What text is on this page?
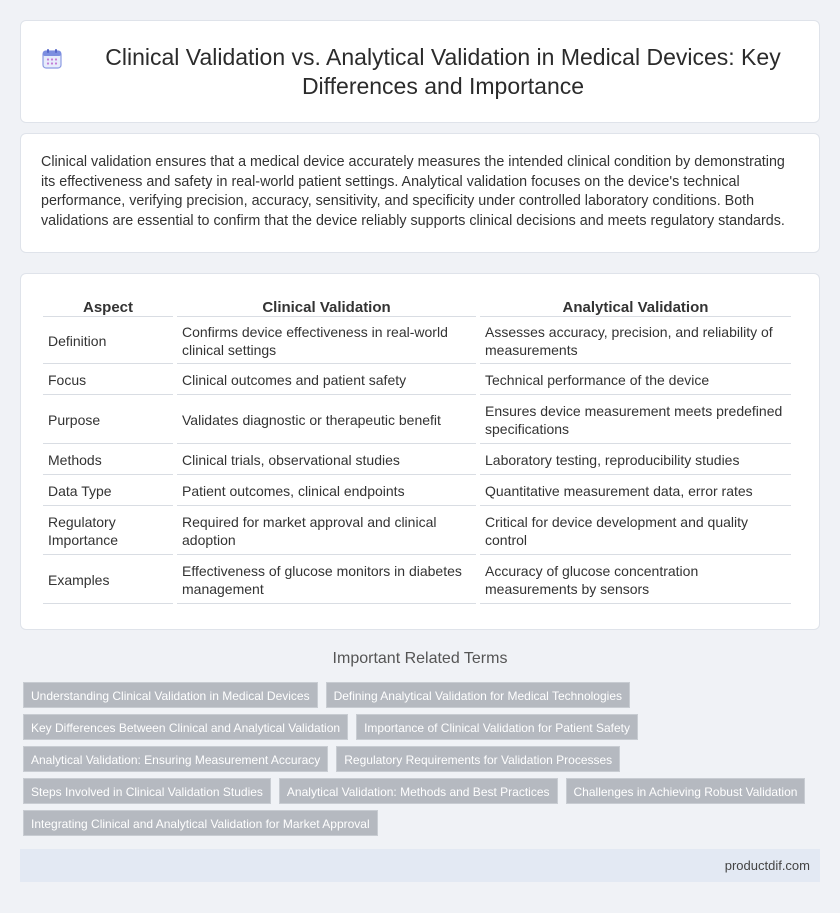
Clinical Validation vs. Analytical Validation in Medical Devices: Key Differences and Importance

Clinical validation ensures that a medical device accurately measures the intended clinical condition by demonstrating its effectiveness and safety in real-world patient settings. Analytical validation focuses on the device's technical performance, verifying precision, accuracy, sensitivity, and specificity under controlled laboratory conditions. Both validations are essential to confirm that the device reliably supports clinical decisions and meets regulatory standards.

Aspect	Clinical Validation	Analytical Validation
Definition	Confirms device effectiveness in real-world clinical settings	Assesses accuracy, precision, and reliability of measurements
Focus	Clinical outcomes and patient safety	Technical performance of the device
Purpose	Validates diagnostic or therapeutic benefit	Ensures device measurement meets predefined specifications
Methods	Clinical trials, observational studies	Laboratory testing, reproducibility studies
Data Type	Patient outcomes, clinical endpoints	Quantitative measurement data, error rates
Regulatory Importance	Required for market approval and clinical adoption	Critical for device development and quality control
Examples	Effectiveness of glucose monitors in diabetes management	Accuracy of glucose concentration measurements by sensors
Important Related Terms
Understanding Clinical Validation in Medical Devices	Defining Analytical Validation for Medical Technologies
Key Differences Between Clinical and Analytical Validation	Importance of Clinical Validation for Patient Safety
Analytical Validation: Ensuring Measurement Accuracy	Regulatory Requirements for Validation Processes
Steps Involved in Clinical Validation Studies	Analytical Validation: Methods and Best Practices	Challenges in Achieving Robust Validation
Integrating Clinical and Analytical Validation for Market Approval
productdif.com
